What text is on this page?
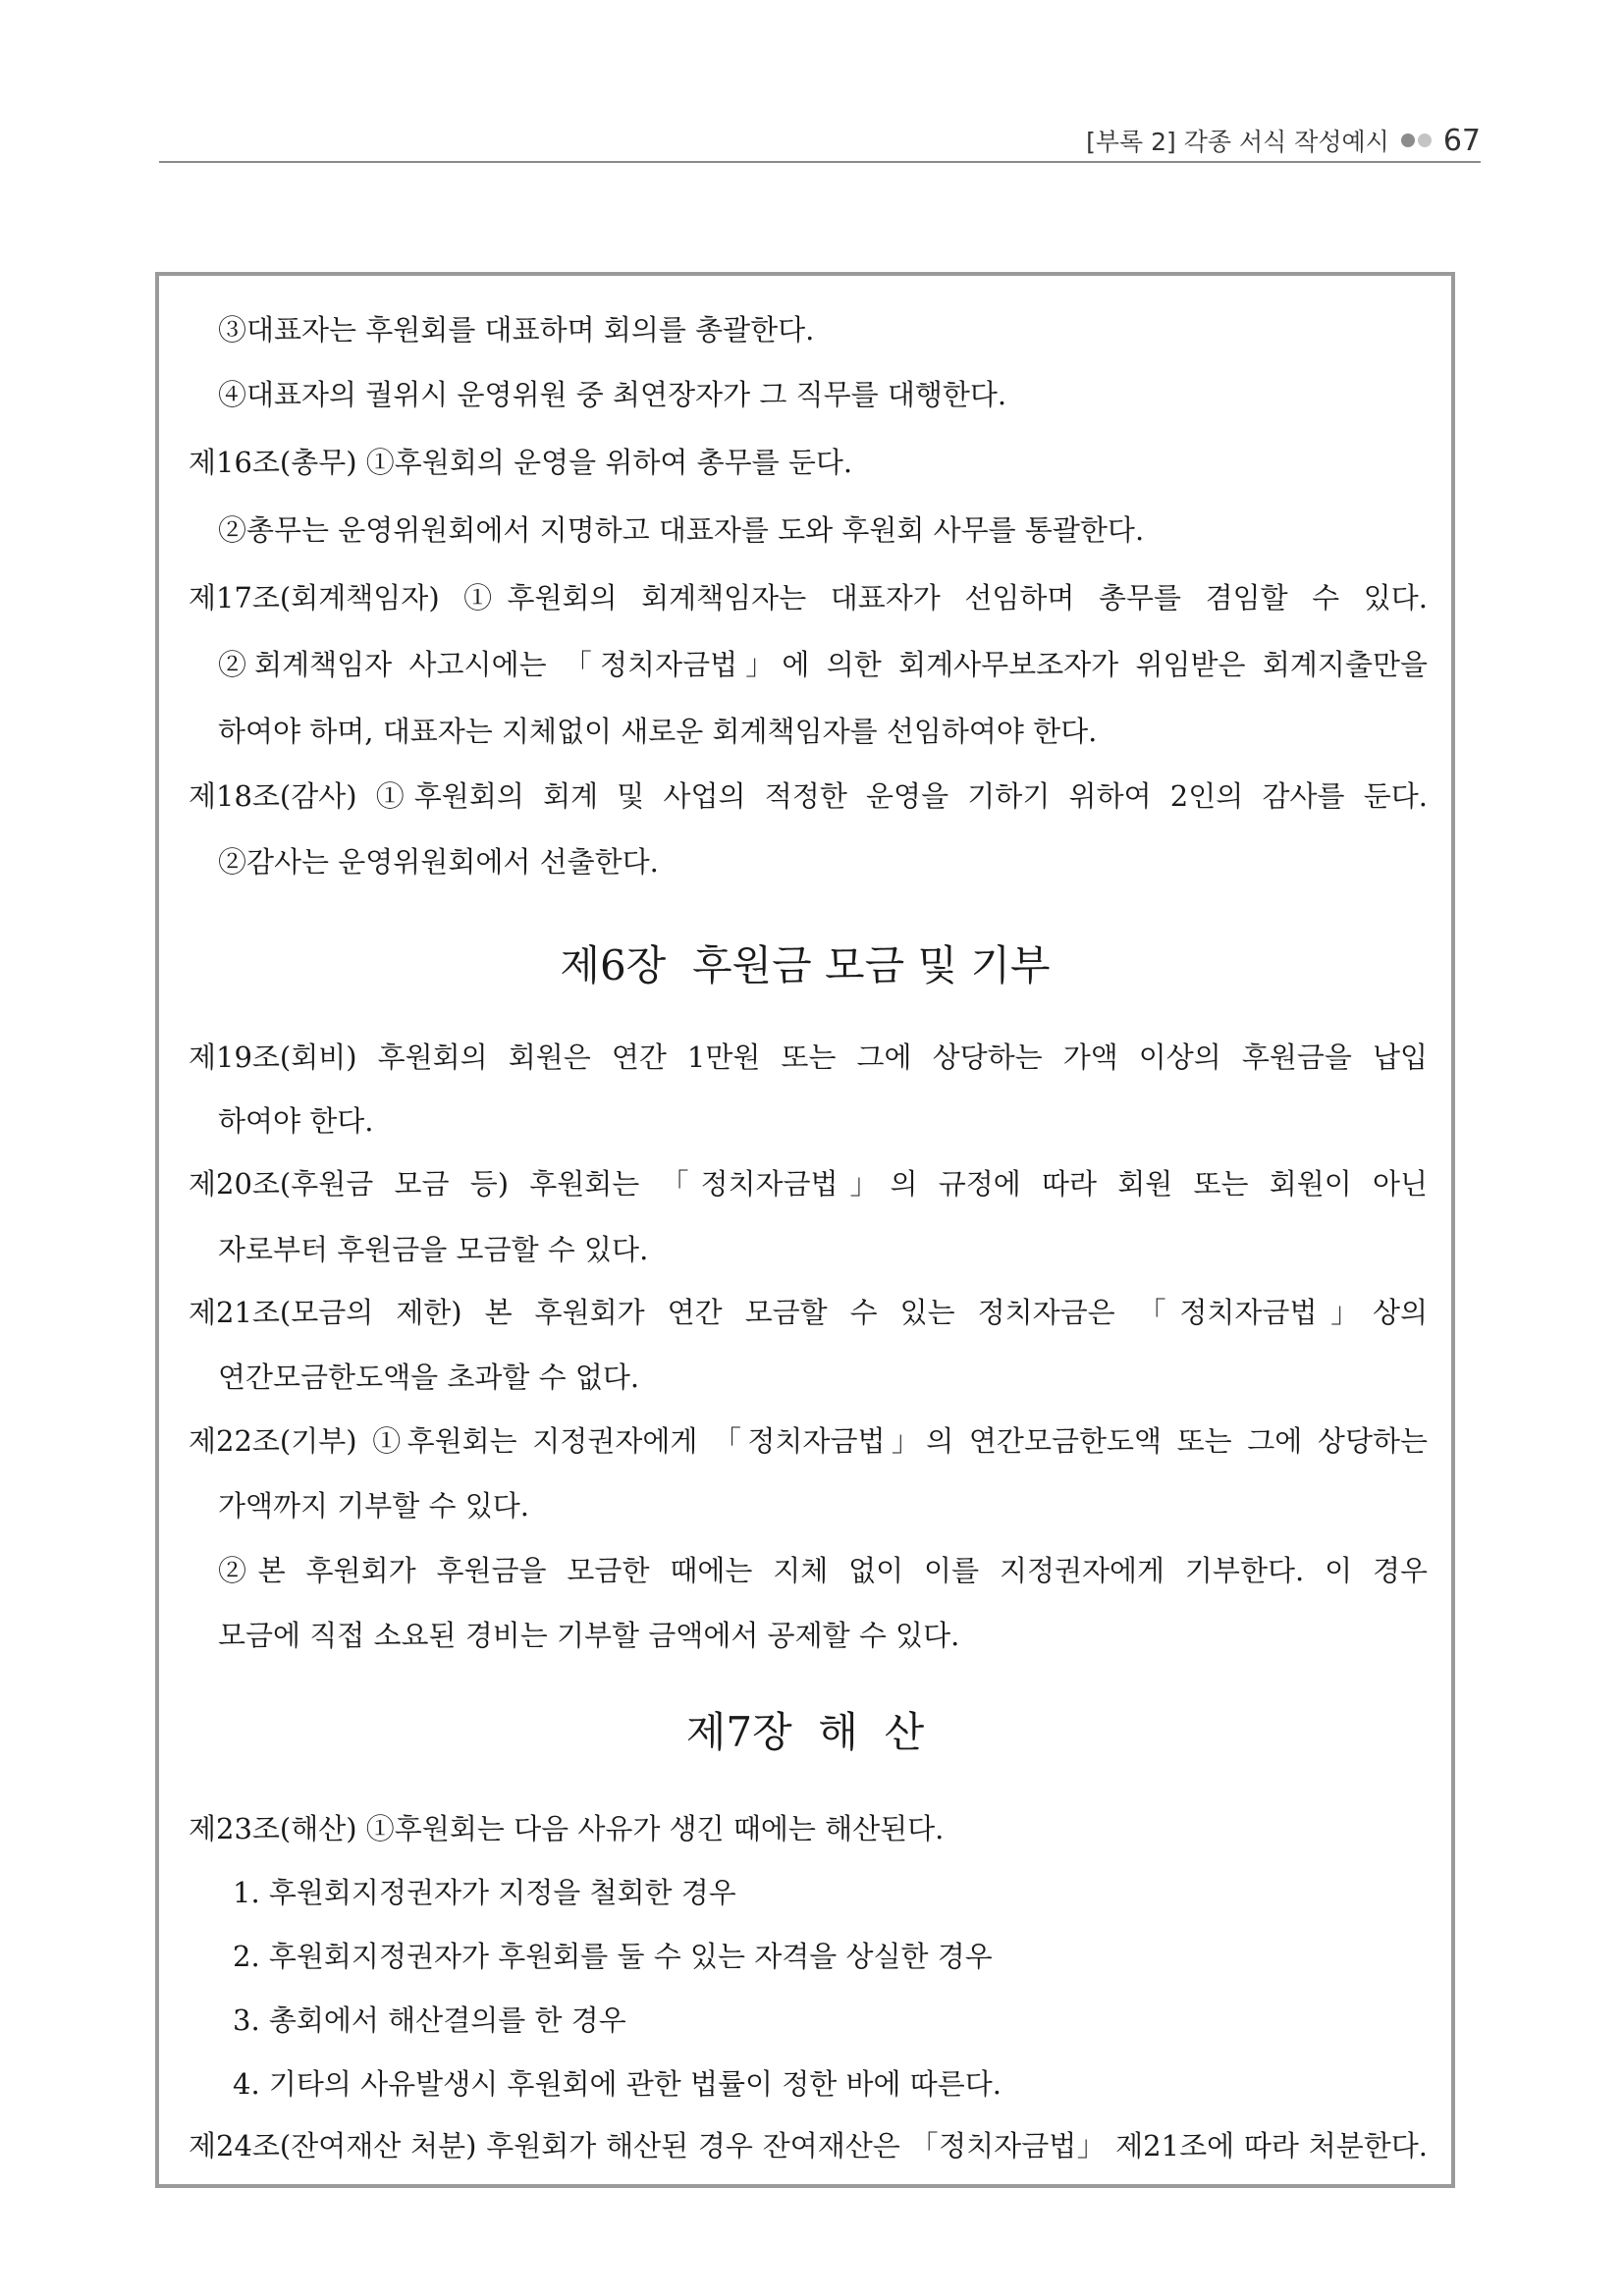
[부록 2] 각종 서식 작성예시 67
③대표자는 후원회를 대표하며 회의를 총괄한다.
④대표자의 궐위시 운영위원 중 최연장자가 그 직무를 대행한다.
제16조(총무) ①후원회의 운영을 위하여 총무를 둔다.
②총무는 운영위원회에서 지명하고 대표자를 도와 후원회 사무를 통괄한다.
제17조(회계책임자) ①후원회의 회계책임자는 대표자가 선임하며 총무를 겸임할 수 있다.
②회계책임자 사고시에는 「정치자금법」에 의한 회계사무보조자가 위임받은 회계지출만을
하여야 하며, 대표자는 지체없이 새로운 회계책임자를 선임하여야 한다.
제18조(감사) ①후원회의 회계 및 사업의 적정한 운영을 기하기 위하여 2인의 감사를 둔다.
②감사는 운영위원회에서 선출한다.
제6장  후원금 모금 및 기부
제19조(회비) 후원회의 회원은 연간 1만원 또는 그에 상당하는 가액 이상의 후원금을 납입
하여야 한다.
제20조(후원금 모금 등) 후원회는 「정치자금법」의 규정에 따라 회원 또는 회원이 아닌
자로부터 후원금을 모금할 수 있다.
제21조(모금의 제한) 본 후원회가 연간 모금할 수 있는 정치자금은 「정치자금법」상의
연간모금한도액을 초과할 수 없다.
제22조(기부) ①후원회는 지정권자에게 「정치자금법」의 연간모금한도액 또는 그에 상당하는
가액까지 기부할 수 있다.
②본 후원회가 후원금을 모금한 때에는 지체 없이 이를 지정권자에게 기부한다. 이 경우
모금에 직접 소요된 경비는 기부할 금액에서 공제할 수 있다.
제7장  해  산
제23조(해산) ①후원회는 다음 사유가 생긴 때에는 해산된다.
1. 후원회지정권자가 지정을 철회한 경우
2. 후원회지정권자가 후원회를 둘 수 있는 자격을 상실한 경우
3. 총회에서 해산결의를 한 경우
4. 기타의 사유발생시 후원회에 관한 법률이 정한 바에 따른다.
제24조(잔여재산 처분) 후원회가 해산된 경우 잔여재산은 「정치자금법」 제21조에 따라 처분한다.
